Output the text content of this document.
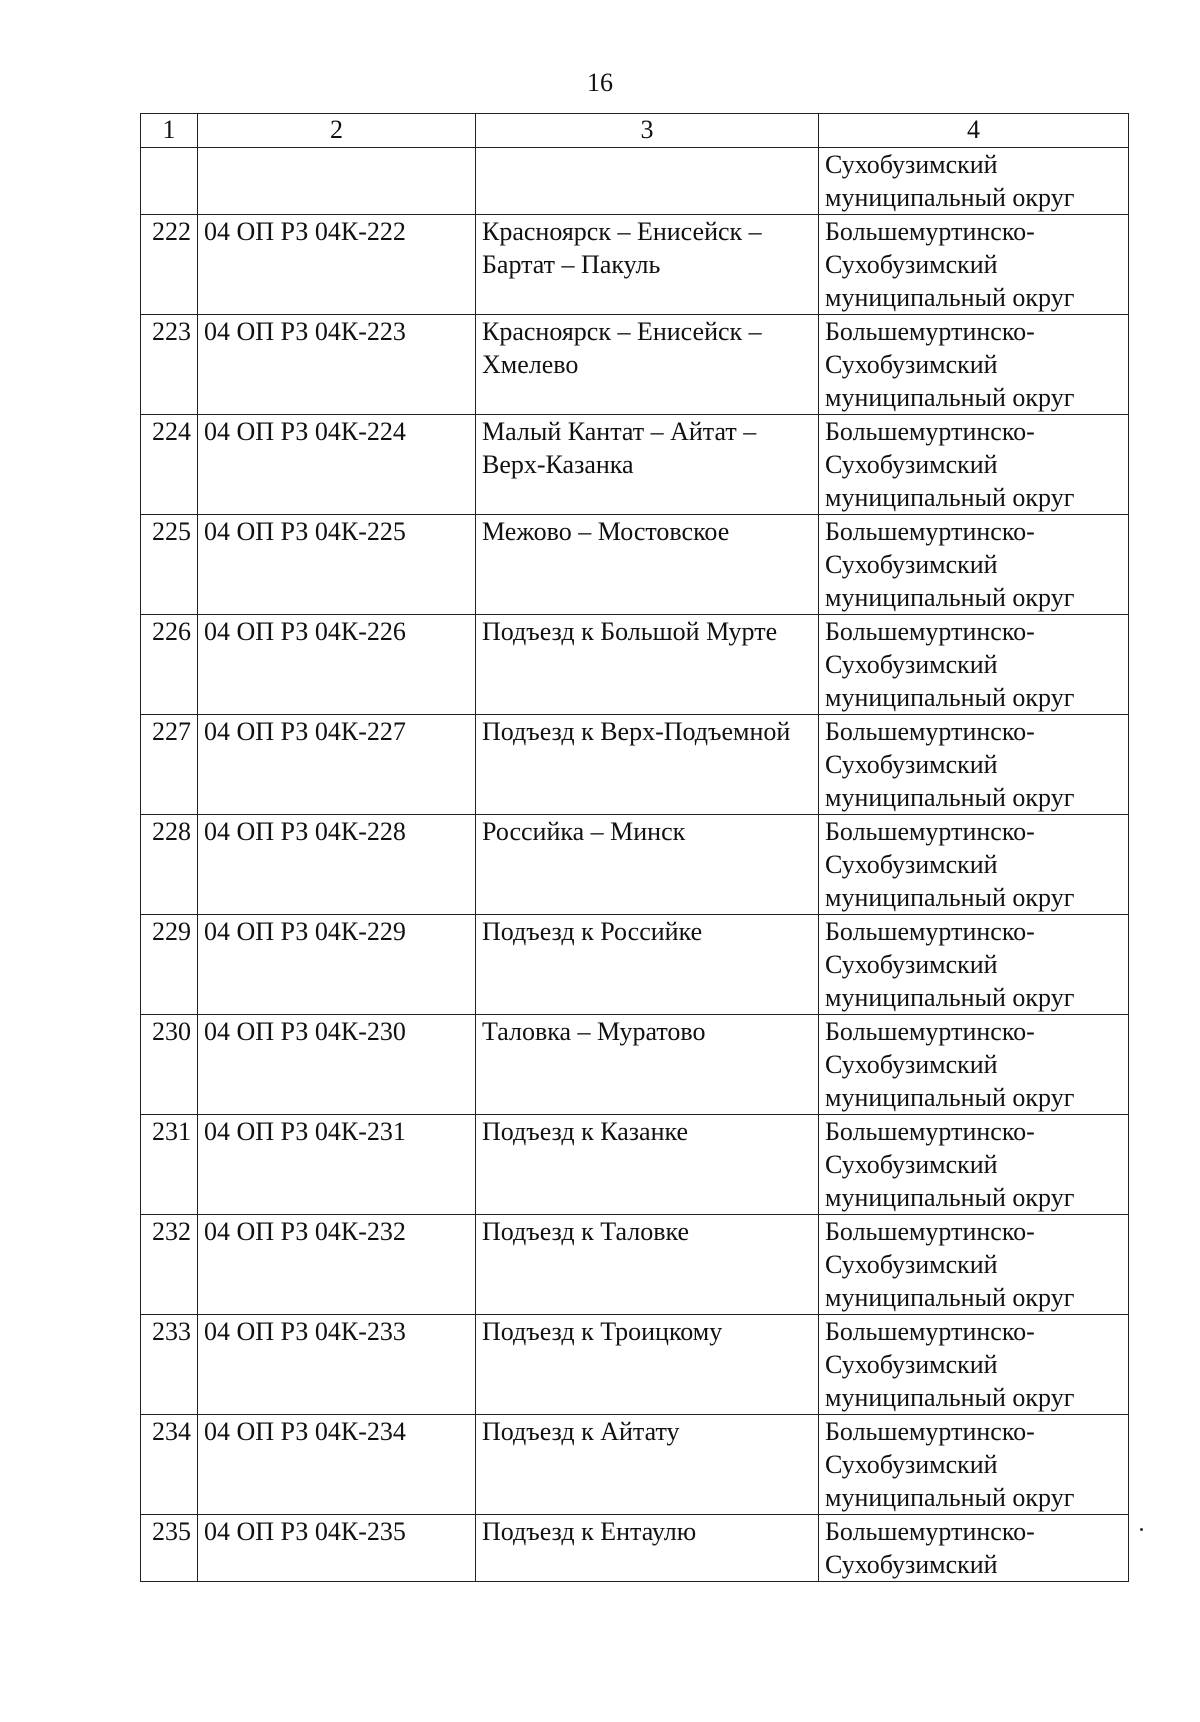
16
1	2	3	4

			Сухобузимский
муниципальный округ

222	04 ОП РЗ 04К-222	Красноярск – Енисейск –
Бартат – Пакуль	Большемуртинско-
Сухобузимский
муниципальный округ

223	04 ОП РЗ 04К-223	Красноярск – Енисейск –
Хмелево	Большемуртинско-
Сухобузимский
муниципальный округ

224	04 ОП РЗ 04К-224	Малый Кантат – Айтат –
Верх-Казанка	Большемуртинско-
Сухобузимский
муниципальный округ

225	04 ОП РЗ 04К-225	Межово – Мостовское	Большемуртинско-
Сухобузимский
муниципальный округ

226	04 ОП РЗ 04К-226	Подъезд к Большой Мурте	Большемуртинско-
Сухобузимский
муниципальный округ

227	04 ОП РЗ 04К-227	Подъезд к Верх-Подъемной	Большемуртинско-
Сухобузимский
муниципальный округ

228	04 ОП РЗ 04К-228	Российка – Минск	Большемуртинско-
Сухобузимский
муниципальный округ

229	04 ОП РЗ 04К-229	Подъезд к Российке	Большемуртинско-
Сухобузимский
муниципальный округ

230	04 ОП РЗ 04К-230	Таловка – Муратово	Большемуртинско-
Сухобузимский
муниципальный округ

231	04 ОП РЗ 04К-231	Подъезд к Казанке	Большемуртинско-
Сухобузимский
муниципальный округ

232	04 ОП РЗ 04К-232	Подъезд к Таловке	Большемуртинско-
Сухобузимский
муниципальный округ

233	04 ОП РЗ 04К-233	Подъезд к Троицкому	Большемуртинско-
Сухобузимский
муниципальный округ

234	04 ОП РЗ 04К-234	Подъезд к Айтату	Большемуртинско-
Сухобузимский
муниципальный округ

235	04 ОП РЗ 04К-235	Подъезд к Ентаулю	Большемуртинско-
Сухобузимский
